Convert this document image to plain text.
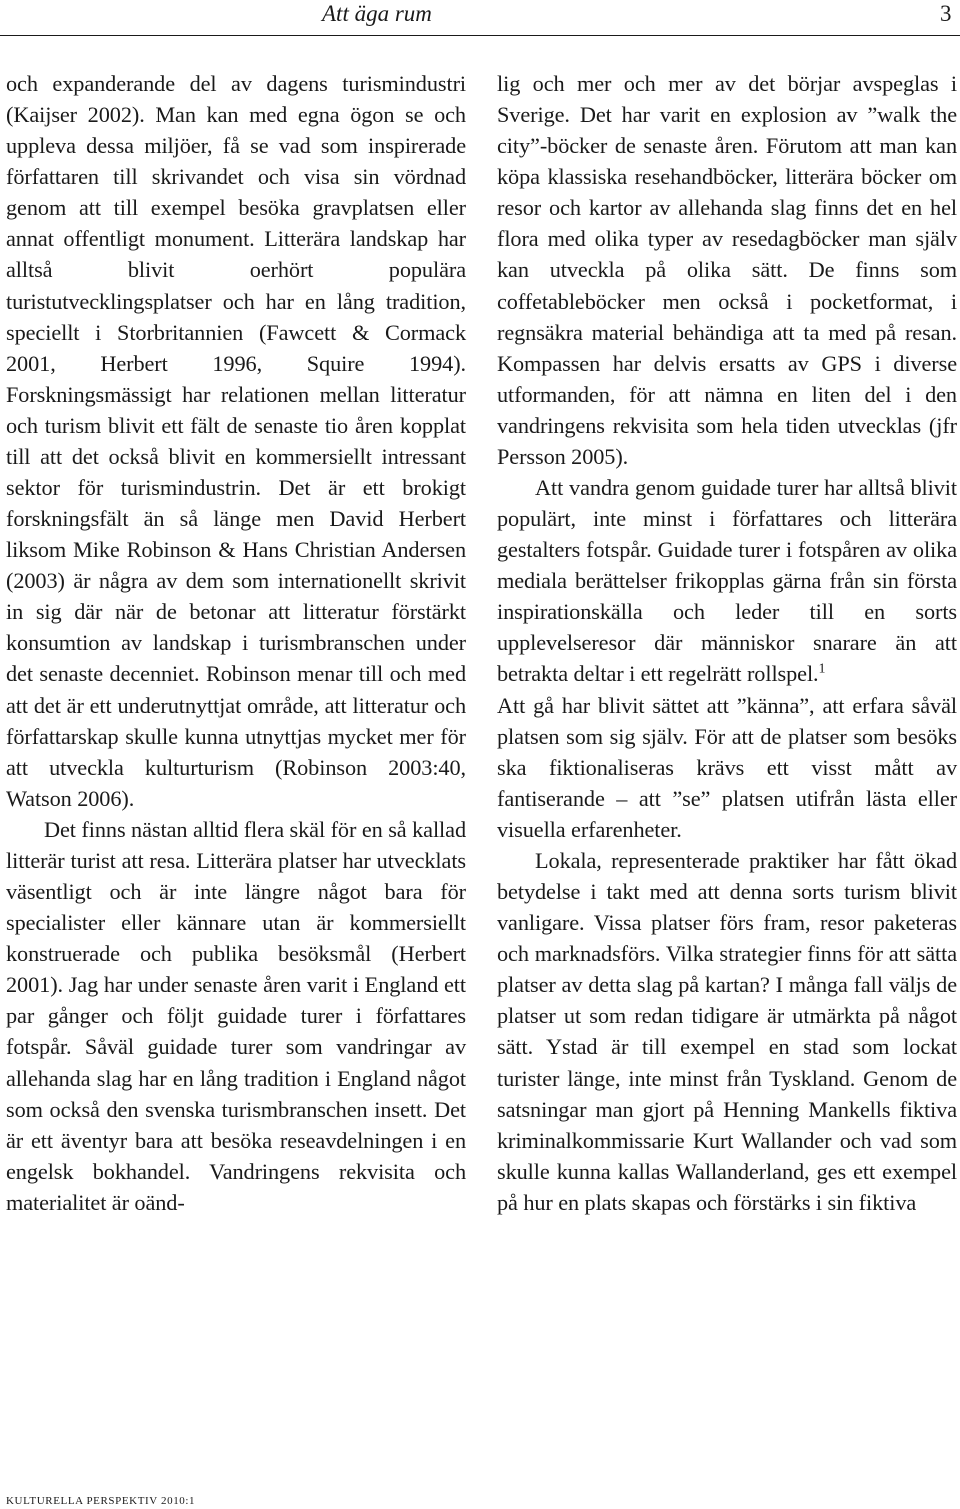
Att äga rum	3

och expanderande del av dagens turismindustri (Kaijser 2002). Man kan med egna ögon se och uppleva dessa miljöer, få se vad som inspirerade författaren till skrivandet och visa sin vördnad genom att till exempel besöka gravplatsen eller annat offentligt monument. Litterära landskap har alltså blivit oerhört populära turistutvecklingsplatser och har en lång tradition, speciellt i Storbritannien (Fawcett & Cormack 2001, Herbert 1996, Squire 1994). Forskningsmässigt har relationen mellan litteratur och turism blivit ett fält de senaste tio åren kopplat till att det också blivit en kommersiellt intressant sektor för turismindustrin. Det är ett brokigt forskningsfält än så länge men David Herbert liksom Mike Robinson & Hans Christian Andersen (2003) är några av dem som internationellt skrivit in sig där när de betonar att litteratur förstärkt konsumtion av landskap i turismbranschen under det senaste decenniet. Robinson menar till och med att det är ett underutnyttjat område, att litteratur och författarskap skulle kunna utnyttjas mycket mer för att utveckla kulturturism (Robinson 2003:40, Watson 2006).

Det finns nästan alltid flera skäl för en så kallad litterär turist att resa. Litterära platser har utvecklats väsentligt och är inte längre något bara för specialister eller kännare utan är kommersiellt konstruerade och publika besöksmål (Herbert 2001). Jag har under senaste åren varit i England ett par gånger och följt guidade turer i författares fotspår. Såväl guidade turer som vandringar av allehanda slag har en lång tradition i England något som också den svenska turismbranschen insett. Det är ett äventyr bara att besöka reseavdelningen i en engelsk bokhandel. Vandringens rekvisita och materialitet är oänd-

lig och mer och mer av det börjar avspeglas i Sverige. Det har varit en explosion av ”walk the city”-böcker de senaste åren. Förutom att man kan köpa klassiska resehandböcker, litterära böcker om resor och kartor av allehanda slag finns det en hel flora med olika typer av resedagböcker man själv kan utveckla på olika sätt. De finns som coffetableböcker men också i pocketformat, i regnsäkra material behändiga att ta med på resan. Kompassen har delvis ersatts av GPS i diverse utformanden, för att nämna en liten del i den vandringens rekvisita som hela tiden utvecklas (jfr Persson 2005).

Att vandra genom guidade turer har alltså blivit populärt, inte minst i författares och litterära gestalters fotspår. Guidade turer i fotspåren av olika mediala berättelser frikopplas gärna från sin första inspirationskälla och leder till en sorts upplevelseresor där människor snarare än att betrakta deltar i ett regelrätt rollspel.$^1$

Att gå har blivit sättet att ”känna”, att erfara såväl platsen som sig själv. För att de platser som besöks ska fiktionaliseras krävs ett visst mått av fantiserande – att ”se” platsen utifrån lästa eller visuella erfarenheter.

Lokala, representerade praktiker har fått ökad betydelse i takt med att denna sorts turism blivit vanligare. Vissa platser förs fram, resor paketeras och marknadsförs. Vilka strategier finns för att sätta platser av detta slag på kartan? I många fall väljs de platser ut som redan tidigare är utmärkta på något sätt. Ystad är till exempel en stad som lockat turister länge, inte minst från Tyskland. Genom de satsningar man gjort på Henning Mankells fiktiva kriminalkommissarie Kurt Wallander och vad som skulle kunna kallas Wallanderland, ges ett exempel på hur en plats skapas och förstärks i sin fiktiva

KULTURELLA PERSPEKTIV 2010:1
